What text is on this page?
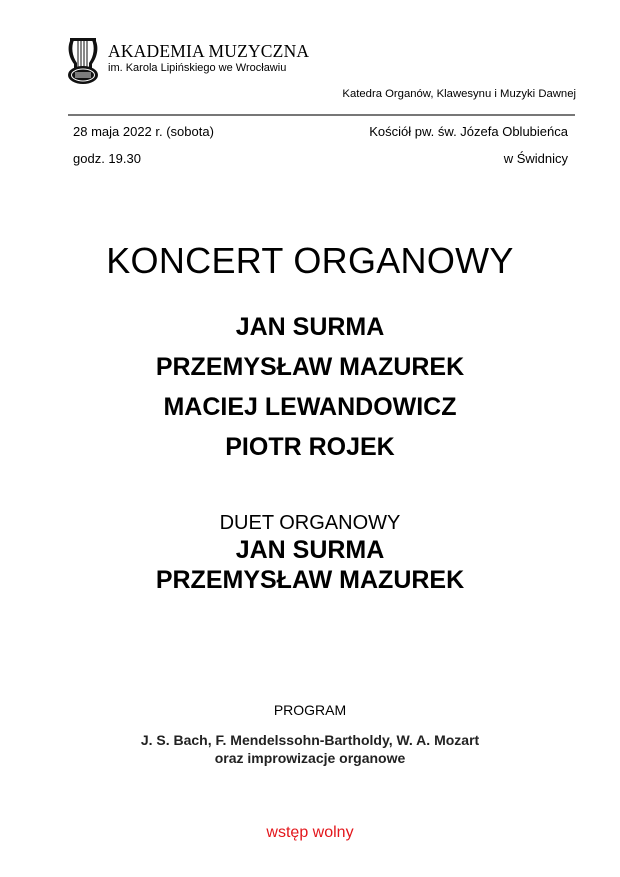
AKADEMIA MUZYCZNA
im. Karola Lipińskiego we Wrocławiu
Katedra Organów, Klawesynu i Muzyki Dawnej
28 maja 2022 r. (sobota)
godz. 19.30
Kościół pw. św. Józefa Oblubieńca
w Świdnicy
KONCERT ORGANOWY
JAN SURMA
PRZEMYSŁAW MAZUREK
MACIEJ LEWANDOWICZ
PIOTR ROJEK
DUET ORGANOWY
JAN SURMA
PRZEMYSŁAW MAZUREK
PROGRAM
J. S. Bach, F. Mendelssohn-Bartholdy, W. A. Mozart
oraz improwizacje organowe
wstęp wolny
